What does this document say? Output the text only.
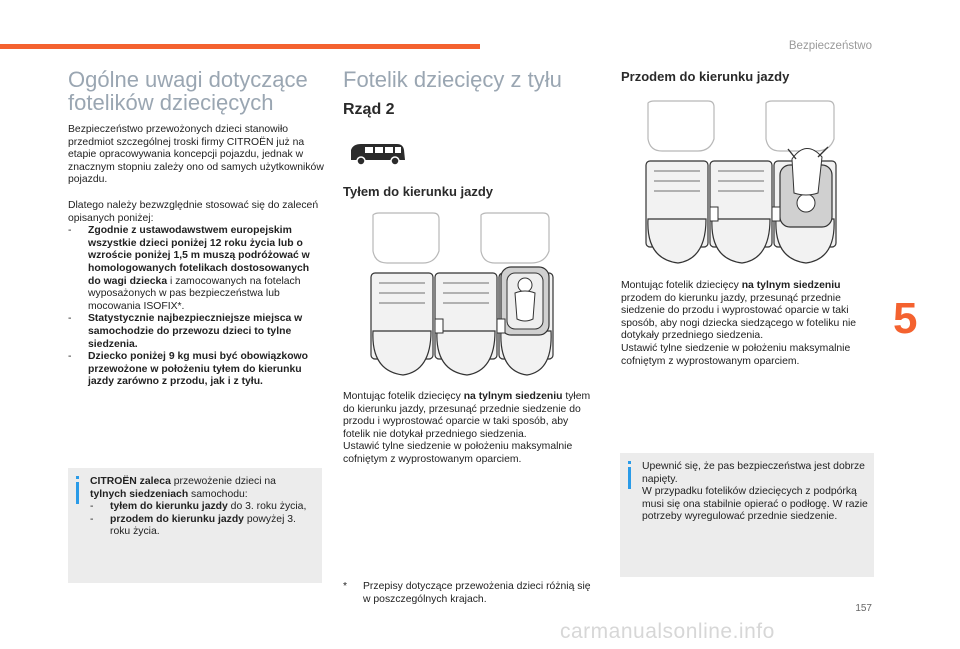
Bezpieczeństwo
5
157
carmanualsonline.info
Ogólne uwagi dotyczące
fotelików dziecięcych

Bezpieczeństwo przewożonych dzieci stanowiło przedmiot szczególnej troski firmy CITROËN już na etapie opracowywania koncepcji pojazdu, jednak w znacznym stopniu zależy ono od samych użytkowników pojazdu.

Dlatego należy bezwzględnie stosować się do zaleceń opisanych poniżej:

- Zgodnie z ustawodawstwem europejskim wszystkie dzieci poniżej 12 roku życia lub o wzroście poniżej 1,5 m muszą podróżować w homologowanych fotelikach dostosowanych do wagi dziecka i zamocowanych na fotelach wyposażonych w pas bezpieczeństwa lub mocowania ISOFIX*.
- Statystycznie najbezpieczniejsze miejsca w samochodzie do przewozu dzieci to tylne siedzenia.
- Dziecko poniżej 9 kg musi być obowiązkowo przewożone w położeniu tyłem do kierunku jazdy zarówno z przodu, jak i z tyłu.

CITROËN zaleca przewożenie dzieci na tylnych siedzeniach samochodu:

- tyłem do kierunku jazdy do 3. roku życia,
- przodem do kierunku jazdy powyżej 3. roku życia.
Fotelik dziecięcy z tyłu
Rząd 2
Tyłem do kierunku jazdy

Montując fotelik dziecięcy na tylnym siedzeniu tyłem do kierunku jazdy, przesunąć przednie siedzenie do przodu i wyprostować oparcie w taki sposób, aby fotelik nie dotykał przedniego siedzenia.

Ustawić tylne siedzenie w położeniu maksymalnie cofniętym z wyprostowanym oparciem.

* Przepisy dotyczące przewożenia dzieci różnią się w poszczególnych krajach.

Przodem do kierunku jazdy

Montując fotelik dziecięcy na tylnym siedzeniu przodem do kierunku jazdy, przesunąć przednie siedzenie do przodu i wyprostować oparcie w taki sposób, aby nogi dziecka siedzącego w foteliku nie dotykały przedniego siedzenia.

Ustawić tylne siedzenie w położeniu maksymalnie cofniętym z wyprostowanym oparciem.

Upewnić się, że pas bezpieczeństwa jest dobrze napięty.

W przypadku fotelików dziecięcych z podpórką musi się ona stabilnie opierać o podłogę. W razie potrzeby wyregulować przednie siedzenie.
